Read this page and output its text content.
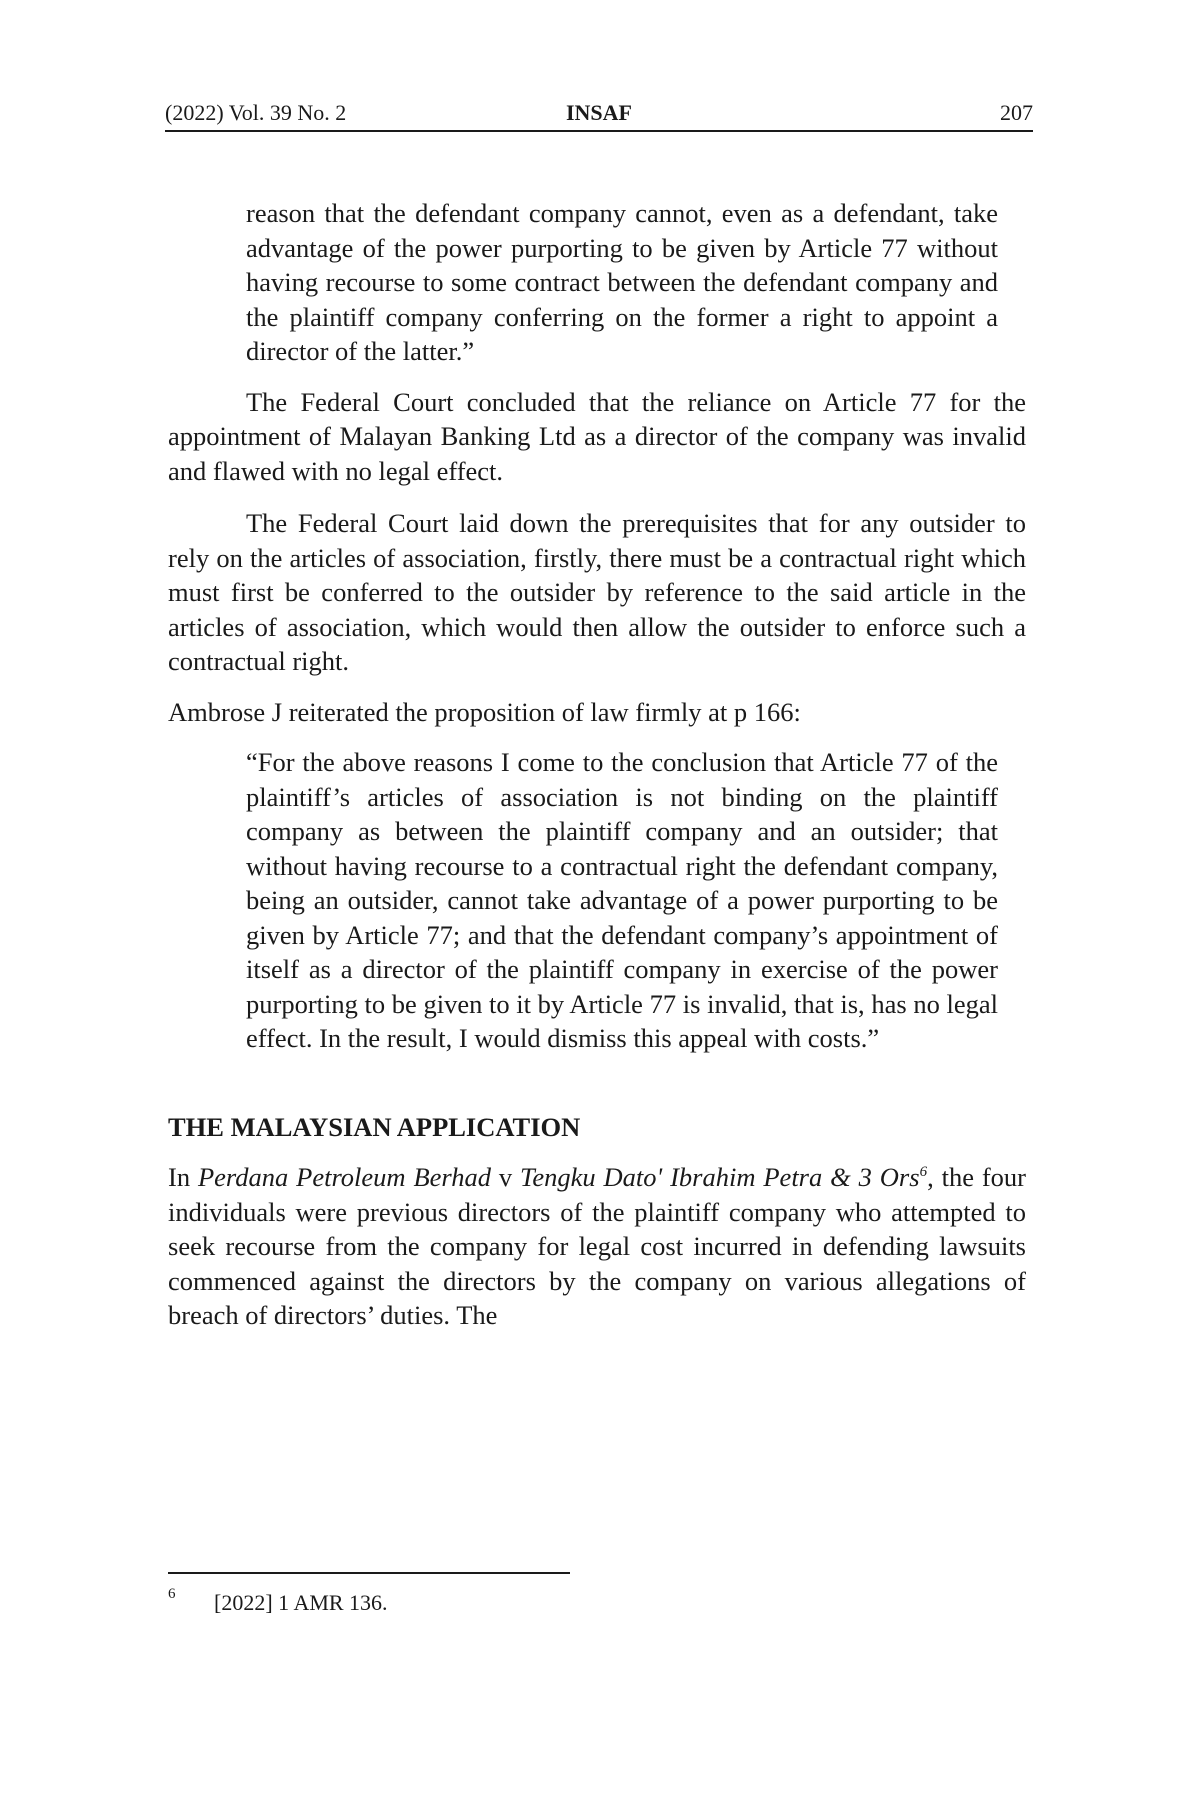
(2022) Vol. 39 No. 2	INSAF	207

reason that the defendant company cannot, even as a defendant, take advantage of the power purporting to be given by Article 77 without having recourse to some contract between the defendant company and the plaintiff company conferring on the former a right to appoint a director of the latter.”

The Federal Court concluded that the reliance on Article 77 for the appointment of Malayan Banking Ltd as a director of the company was invalid and flawed with no legal effect.

The Federal Court laid down the prerequisites that for any outsider to rely on the articles of association, firstly, there must be a contractual right which must first be conferred to the outsider by reference to the said article in the articles of association, which would then allow the outsider to enforce such a contractual right.

Ambrose J reiterated the proposition of law firmly at p 166:

“For the above reasons I come to the conclusion that Article 77 of the plaintiff’s articles of association is not binding on the plaintiff company as between the plaintiff company and an outsider; that without having recourse to a contractual right the defendant company, being an outsider, cannot take advantage of a power purporting to be given by Article 77; and that the defendant company’s appointment of itself as a director of the plaintiff company in exercise of the power purporting to be given to it by Article 77 is invalid, that is, has no legal effect. In the result, I would dismiss this appeal with costs.”

THE MALAYSIAN APPLICATION

In Perdana Petroleum Berhad v Tengku Dato' Ibrahim Petra & 3 Ors$^6$, the four individuals were previous directors of the plaintiff company who attempted to seek recourse from the company for legal cost incurred in defending lawsuits commenced against the directors by the company on various allegations of breach of directors’ duties. The

6 [2022] 1 AMR 136.
